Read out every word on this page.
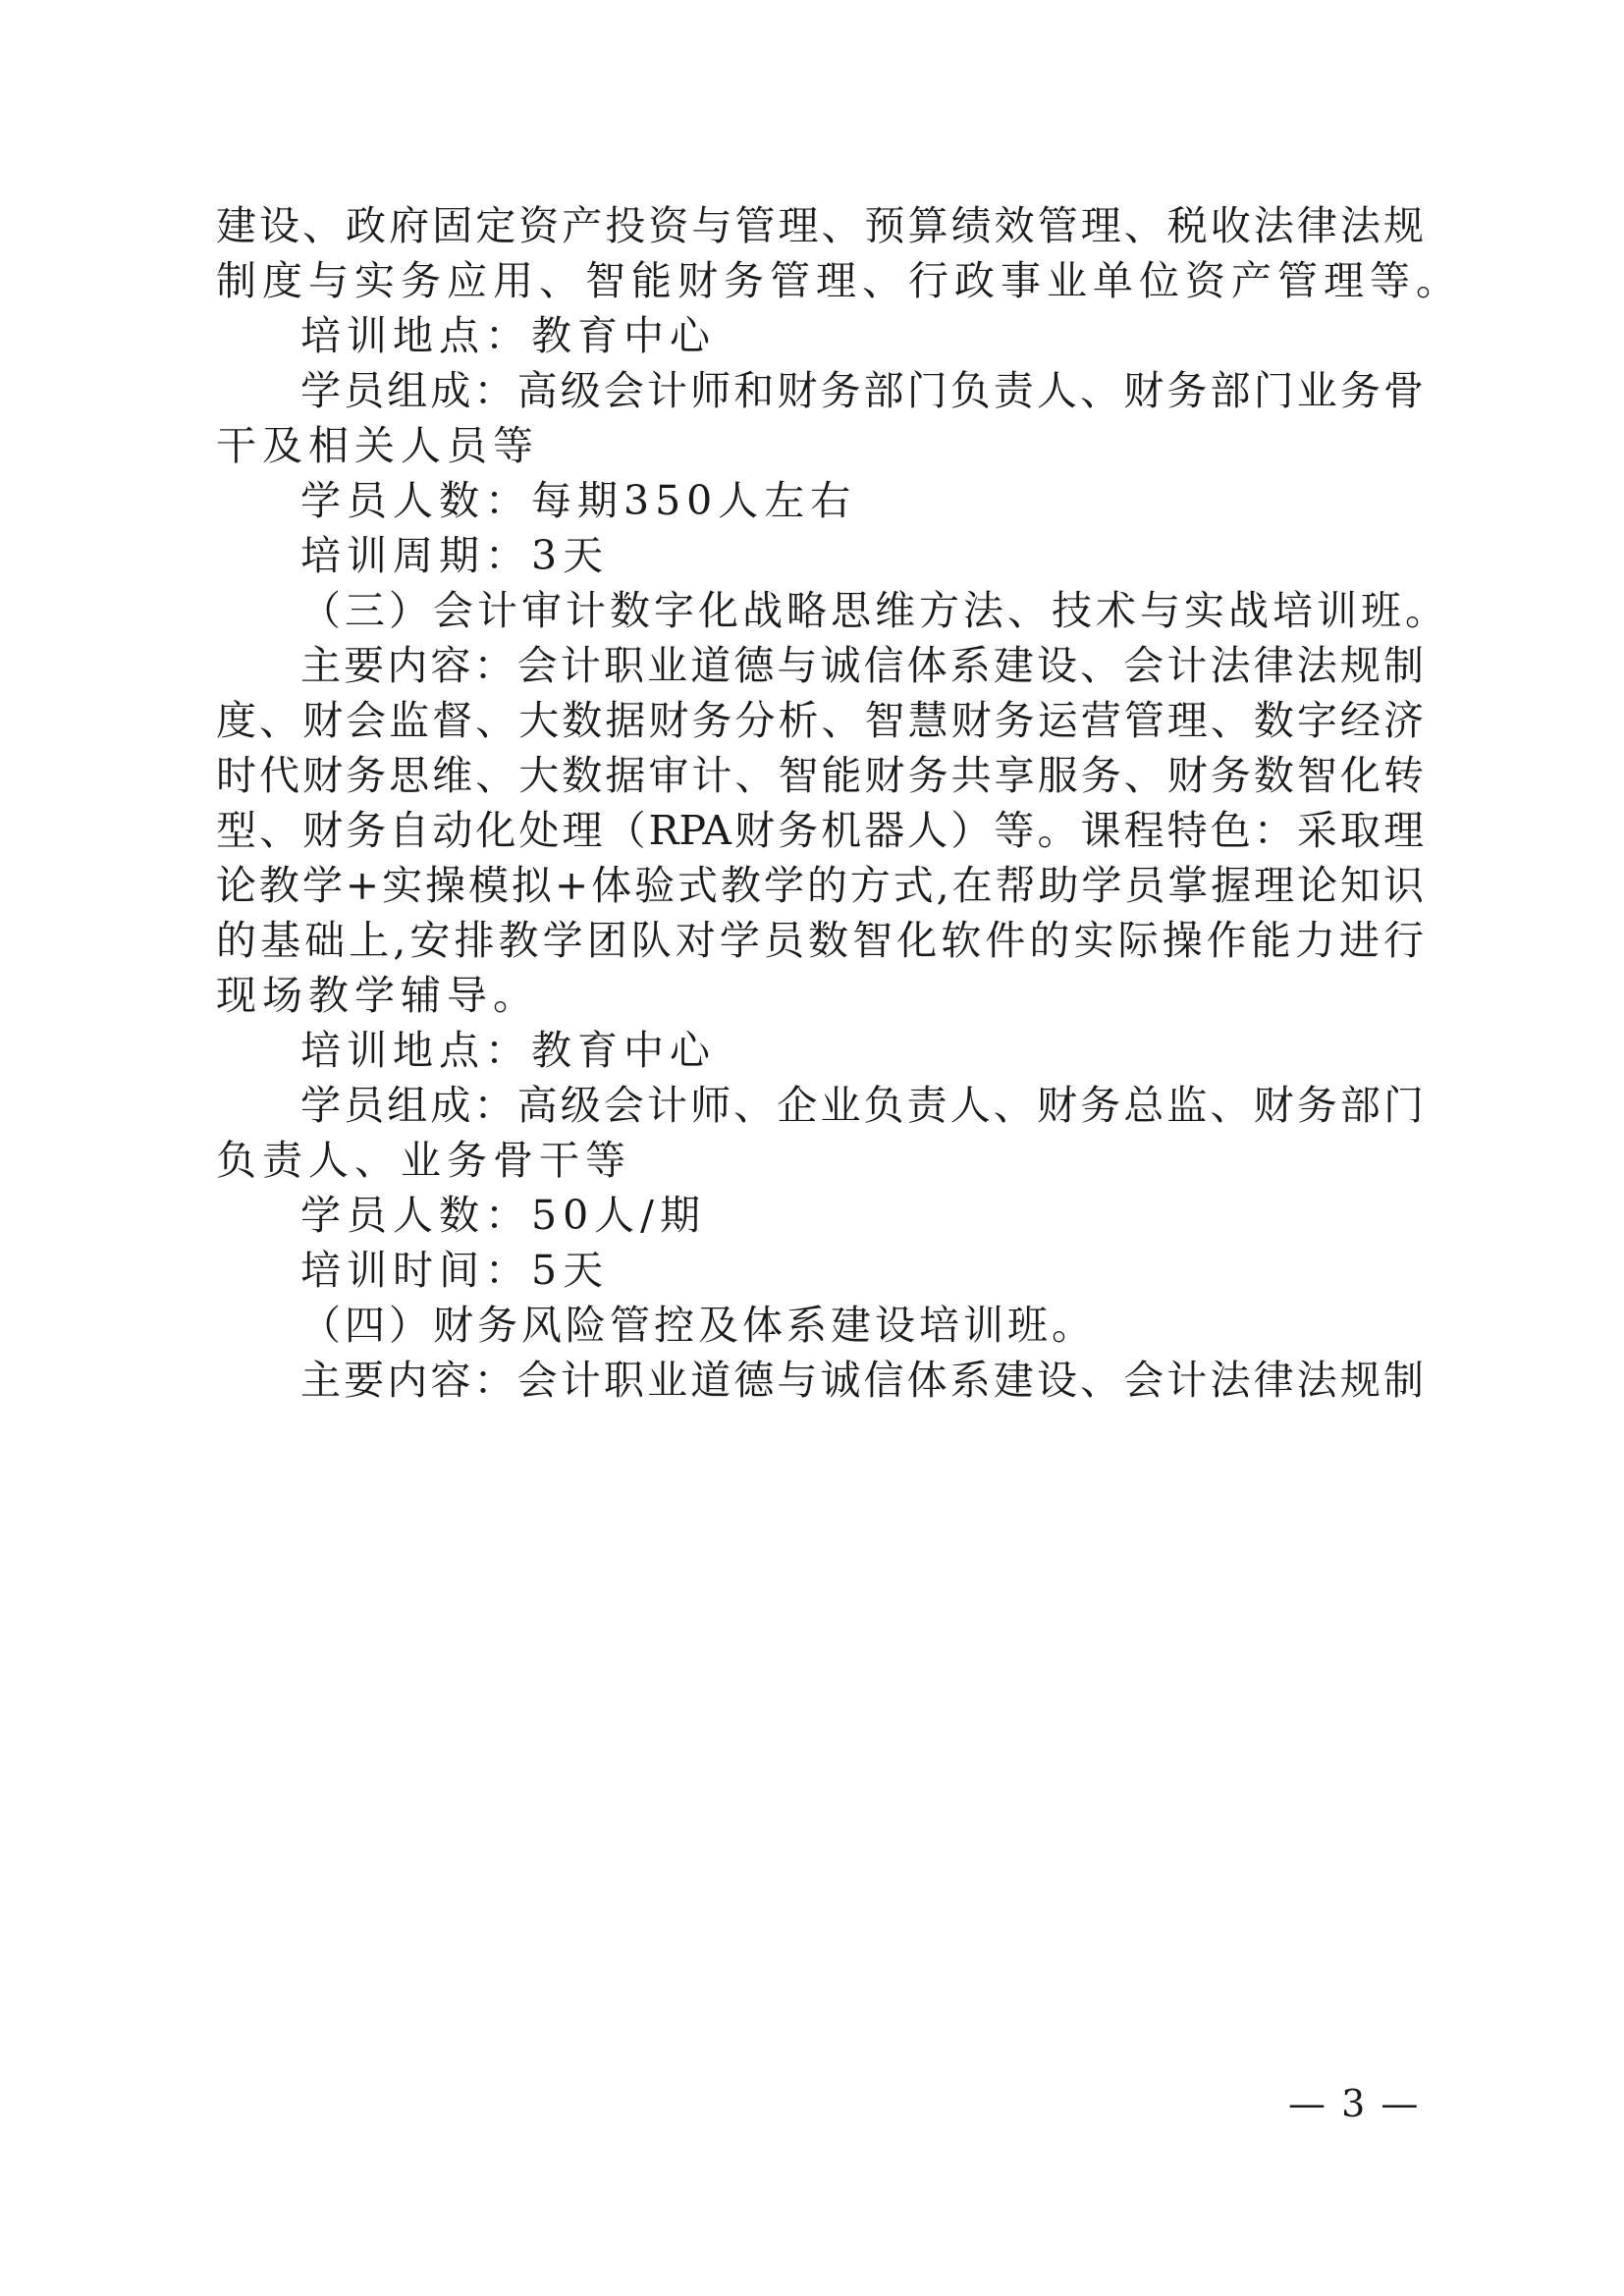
建设、政府固定资产投资与管理、预算绩效管理、税收法律法规
制度与实务应用、智能财务管理、行政事业单位资产管理等。
培训地点：教育中心
学员组成：高级会计师和财务部门负责人、财务部门业务骨
干及相关人员等
学员人数：每期350人左右
培训周期：3天
（三）会计审计数字化战略思维方法、技术与实战培训班。
主要内容：会计职业道德与诚信体系建设、会计法律法规制
度、财会监督、大数据财务分析、智慧财务运营管理、数字经济
时代财务思维、大数据审计、智能财务共享服务、财务数智化转
型、财务自动化处理（RPA财务机器人）等。课程特色：采取理
论教学+实操模拟+体验式教学的方式,在帮助学员掌握理论知识
的基础上,安排教学团队对学员数智化软件的实际操作能力进行
现场教学辅导。
培训地点：教育中心
学员组成：高级会计师、企业负责人、财务总监、财务部门
负责人、业务骨干等
学员人数：50人/期
培训时间：5天
（四）财务风险管控及体系建设培训班。
主要内容：会计职业道德与诚信体系建设、会计法律法规制
— 3 —
